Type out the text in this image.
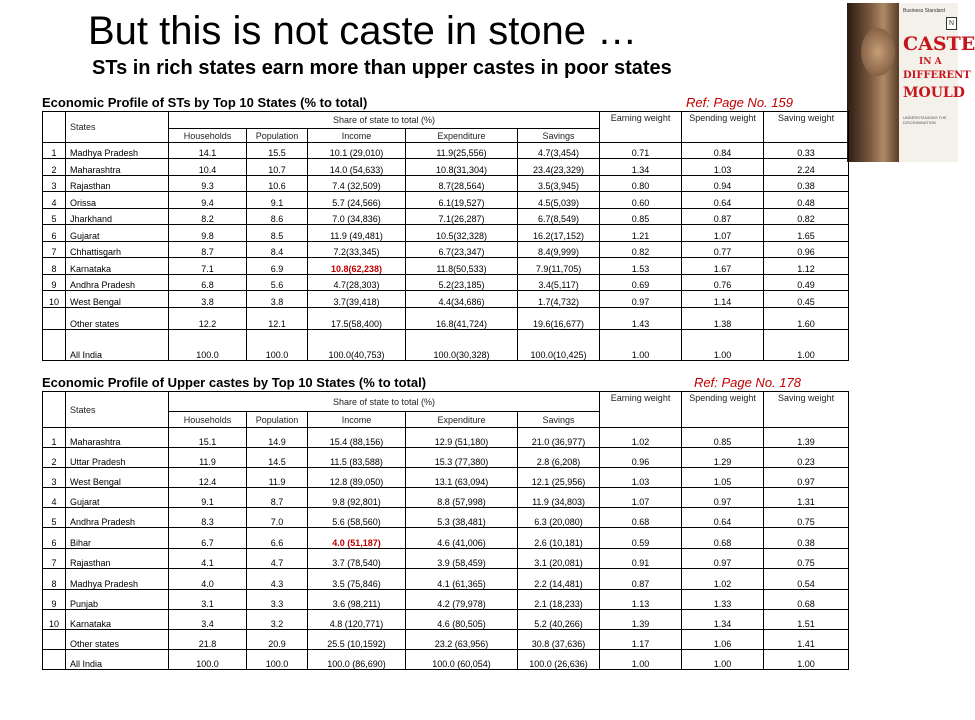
But this is not caste in stone …
STs in rich states earn more than upper castes in poor states
Business Standard
N
CASTE
IN A
DIFFERENT
MOULD
UNDERSTANDING THE DISCRIMINATION
Economic Profile of STs by Top 10 States (% to total)	Ref: Page No. 159
	States	Share of state to total (%)					Earning weight	Spending weight	Saving weight
		Households	Population	Income	Expenditure	Savings			
1	Madhya Pradesh	14.1	15.5	10.1 (29,010)	11.9(25,556)	4.7(3,454)	0.71	0.84	0.33
2	Maharashtra	10.4	10.7	14.0 (54,633)	10.8(31,304)	23.4(23,329)	1.34	1.03	2.24
3	Rajasthan	9.3	10.6	7.4 (32,509)	8.7(28,564)	3.5(3,945)	0.80	0.94	0.38
4	Orissa	9.4	9.1	5.7 (24,566)	6.1(19,527)	4.5(5,039)	0.60	0.64	0.48
5	Jharkhand	8.2	8.6	7.0 (34,836)	7.1(26,287)	6.7(8,549)	0.85	0.87	0.82
6	Gujarat	9.8	8.5	11.9 (49,481)	10.5(32,328)	16.2(17,152)	1.21	1.07	1.65
7	Chhattisgarh	8.7	8.4	7.2(33,345)	6.7(23,347)	8.4(9,999)	0.82	0.77	0.96
8	Karnataka	7.1	6.9	10.8(62,238)	11.8(50,533)	7.9(11,705)	1.53	1.67	1.12
9	Andhra Pradesh	6.8	5.6	4.7(28,303)	5.2(23,185)	3.4(5,117)	0.69	0.76	0.49
10	West Bengal	3.8	3.8	3.7(39,418)	4.4(34,686)	1.7(4,732)	0.97	1.14	0.45
	Other states	12.2	12.1	17.5(58,400)	16.8(41,724)	19.6(16,677)	1.43	1.38	1.60
	All India	100.0	100.0	100.0(40,753)	100.0(30,328)	100.0(10,425)	1.00	1.00	1.00
Economic Profile of Upper castes by Top 10 States (% to total)	Ref: Page No. 178
	States	Share of state to total (%)					Earning weight	Spending weight	Saving weight
		Households	Population	Income	Expenditure	Savings			
1	Maharashtra	15.1	14.9	15.4 (88,156)	12.9 (51,180)	21.0 (36,977)	1.02	0.85	1.39
2	Uttar Pradesh	11.9	14.5	11.5 (83,588)	15.3 (77,380)	2.8 (6,208)	0.96	1.29	0.23
3	West Bengal	12.4	11.9	12.8 (89,050)	13.1 (63,094)	12.1 (25,956)	1.03	1.05	0.97
4	Gujarat	9.1	8.7	9.8 (92,801)	8.8 (57,998)	11.9 (34,803)	1.07	0.97	1.31
5	Andhra Pradesh	8.3	7.0	5.6 (58,560)	5.3 (38,481)	6.3 (20,080)	0.68	0.64	0.75
6	Bihar	6.7	6.6	4.0 (51,187)	4.6 (41,006)	2.6 (10,181)	0.59	0.68	0.38
7	Rajasthan	4.1	4.7	3.7 (78,540)	3.9 (58,459)	3.1 (20,081)	0.91	0.97	0.75
8	Madhya Pradesh	4.0	4.3	3.5 (75,846)	4.1 (61,365)	2.2 (14,481)	0.87	1.02	0.54
9	Punjab	3.1	3.3	3.6 (98,211)	4.2 (79,978)	2.1 (18,233)	1.13	1.33	0.68
10	Karnataka	3.4	3.2	4.8 (120,771)	4.6 (80,505)	5.2 (40,266)	1.39	1.34	1.51
	Other states	21.8	20.9	25.5 (10,1592)	23.2 (63,956)	30.8 (37,636)	1.17	1.06	1.41
	All India	100.0	100.0	100.0 (86,690)	100.0 (60,054)	100.0 (26,636)	1.00	1.00	1.00
